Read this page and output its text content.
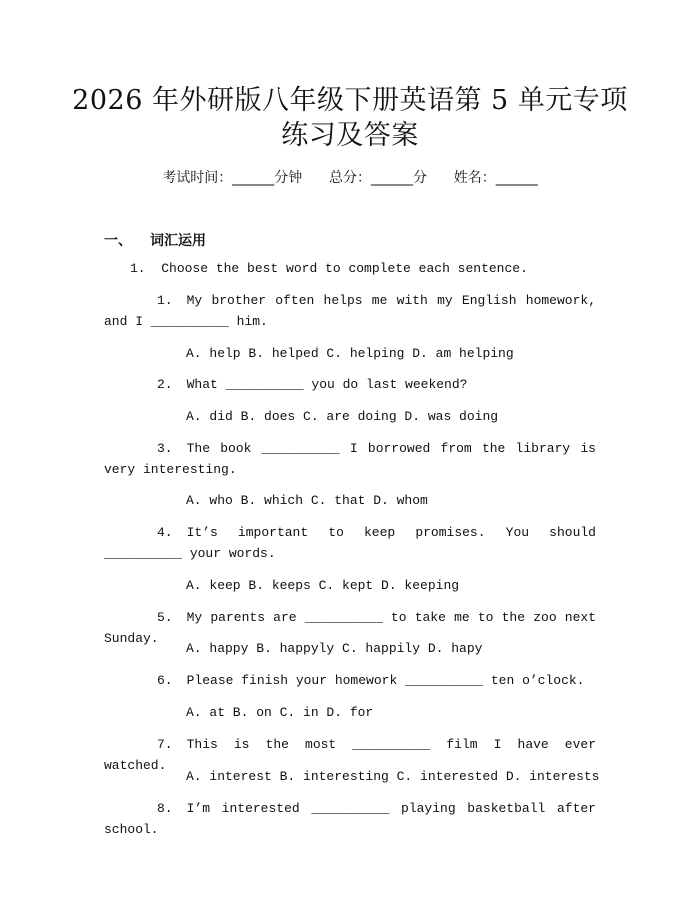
2026 年外研版八年级下册英语第 5 单元专项
练习及答案
考试时间：______分钟      总分：______分      姓名：______
一、 词汇运用
1. Choose the best word to complete each sentence.
1. My brother often helps me with my English homework, and I __________ him.
A. help B. helped C. helping D. am helping
2. What __________ you do last weekend?
A. did B. does C. are doing D. was doing
3. The book __________ I borrowed from the library is very interesting.
A. who B. which C. that D. whom
4. It’s important to keep promises. You should __________ your words.
A. keep B. keeps C. kept D. keeping
5. My parents are __________ to take me to the zoo next Sunday.
A. happy B. happyly C. happily D. hapy
6. Please finish your homework __________ ten o’clock.
A. at B. on C. in D. for
7. This is the most __________ film I have ever watched.
A. interest B. interesting C. interested D. interests
8. I’m interested __________ playing basketball after school.
